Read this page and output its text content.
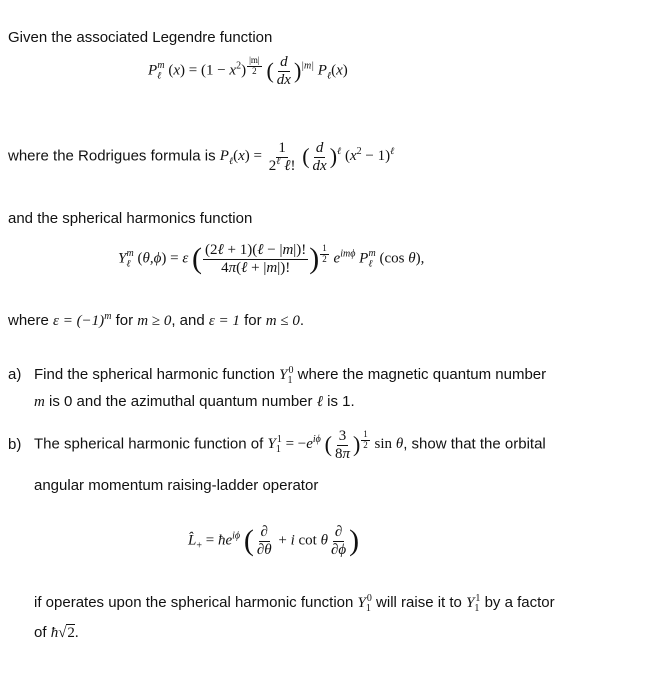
Given the associated Legendre function
$P_\ell^m$ $(x) = (1 - x^2)$ $^{\frac{|m|}{2}}$ ( $\frac{d}{dx} )^{|m|}$ $P_\ell(x)$
where the Rodrigues formula is $P_\ell(x) = \frac{1}{2^\ell \ell!}$ ( $\frac{d}{dx} )^\ell$ $(x^2 - 1)^\ell$
and the spherical harmonics function
$Y_\ell^m$ (θ,ϕ) = ε ( $\frac{\text{(2ℓ + 1)(ℓ − |m|)!}}{\text{4π(ℓ + |m|)!}}$ ) $^{\frac{1}{2}}$ $e^{im\phi}$ $P_\ell^m$ (cos θ),
where $\varepsilon = (-1)^m$ for m ≥ 0, and ε = 1 for m ≤ 0.
a) Find the spherical harmonic function $Y_1^0$ where the magnetic quantum number
m is 0 and the azimuthal quantum number ℓ is 1.
b) The spherical harmonic function of $Y_1^1 = -e^{i\phi}$ ( $\frac{3}{8\pi}$ ) $^{\frac{1}{2}}$ sin θ, show that the orbital
angular momentum raising-ladder operator
$L̂_+$ = $ħe^{i\phi}$ ( $\frac{\partial}{\partial\theta} + i$ cot θ $\frac{\partial}{\partial\phi}$ )
if operates upon the spherical harmonic function $Y_1^0$ will raise it to $Y_1^1$ by a factor
of ħ√2.
